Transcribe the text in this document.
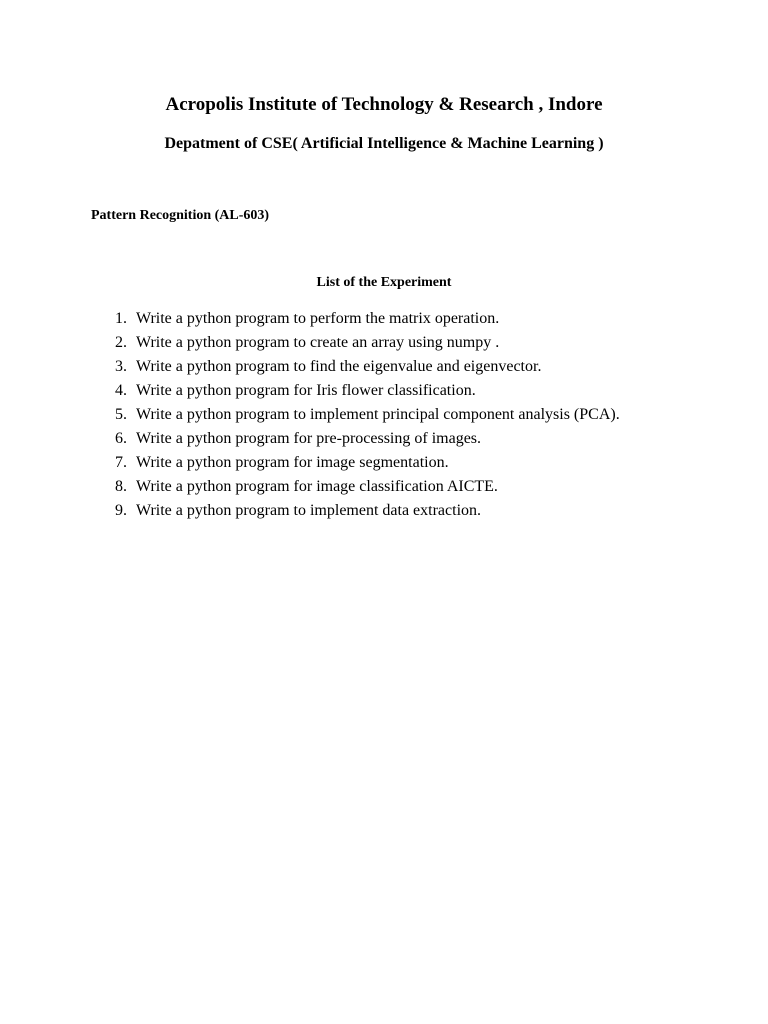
Acropolis Institute of Technology & Research , Indore
Depatment of CSE( Artificial Intelligence & Machine Learning )

Pattern Recognition (AL-603)

List of the Experiment

1. Write a python program to perform the matrix operation.
2. Write a python program to create an array using numpy .
3. Write a python program to find the eigenvalue and eigenvector.
4. Write a python program for Iris flower classification.
5. Write a python program to implement principal component analysis (PCA).
6. Write a python program for pre-processing of images.
7. Write a python program for image segmentation.
8. Write a python program for image classification AICTE.
9. Write a python program to implement data extraction.
